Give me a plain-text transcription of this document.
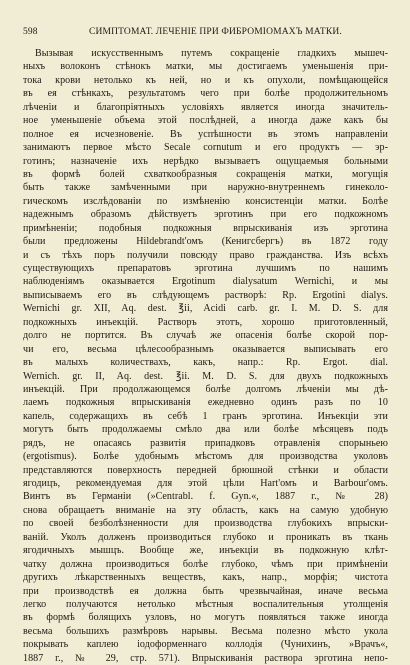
598	СИМПТОМАТ. ЛЕЧЕНІЕ ПРИ ФИБРОМІОМАХЪ МАТКИ.
Вызывая искусственнымъ путемъ сокращеніе гладкихъ мышеч-
ныхъ волоконъ стѣнокъ матки, мы достигаемъ уменьшенія при-
тока крови нетолько къ ней, но и къ опухоли, помѣщающейся
въ ея стѣнкахъ, результатомъ чего при болѣе продолжительномъ
лѣченіи и благопріятныхъ условіяхъ является иногда значитель-
ное уменьшеніе объема этой послѣдней, а иногда даже какъ бы
полное ея исчезновеніе. Въ успѣшности въ этомъ направленіи
занимаютъ первое мѣсто Secale cornutum и его продуктъ — эр-
готинъ; назначеніе ихъ нерѣдко вызываетъ ощущаемыя больными
въ формѣ болей схваткообразныя сокращенія матки, могущія
быть также замѣченными при наружно-внутреннемъ гинеколо-
гическомъ изслѣдованіи по измѣненію консистенціи матки. Болѣе
надежнымъ образомъ дѣйствуетъ эрготинъ при его подкожномъ
примѣненіи; подобныя подкожныя впрыскиванія изъ эрготина
были предложены Hildebrandt'омъ (Кенигсбергъ) въ 1872 году
и съ тѣхъ поръ получили повсюду право гражданства. Изъ всѣхъ
существующихъ препаратовъ эрготина лучшимъ по нашимъ
наблюденіямъ оказывается Ergotinum dialysatum Wernichi, и мы
выписываемъ его въ слѣдующемъ растворѣ: Rp. Ergotini dialys.
Wernichi gr. XII, Aq. dest. ℥ii, Acidi carb. gr. I. M. D. S. для
подкожныхъ инъекцій. Растворъ этотъ, хорошо приготовленный,
долго не портится. Въ случаѣ же опасенія болѣе скорой пор-
чи его, весьма цѣлесообразнымъ оказывается выписывать его
въ малыхъ количествахъ, какъ, напр.: Rp. Ergot. dial.
Wernich. gr. II, Aq. dest. ℥ii. M. D. S. для двухъ подкожныхъ
инъекцій. При продолжающемся болѣе долгомъ лѣченіи мы дѣ-
лаемъ подкожныя впрыскиванія ежедневно одинъ разъ по 10
капель, содержащихъ въ себѣ 1 гранъ эрготина. Инъекціи эти
могутъ быть продолжаемы смѣло два или болѣе мѣсяцевъ подъ
рядъ, не опасаясь развитія припадковъ отравленія спорыньею
(ergotismus). Болѣе удобнымъ мѣстомъ для производства уколовъ
представляются поверхность передней брюшной стѣнки и области
ягодицъ, рекомендуемая для этой цѣли Hart'омъ и Barbour'омъ.
Винтъ въ Германіи (»Centrabl. f. Gyn.«, 1887 г., № 28)
снова обращаетъ вниманіе на эту область, какъ на самую удобную
по своей безболѣзненности для производства глубокихъ впрыски-
ваній. Уколъ долженъ производиться глубоко и проникать въ ткань
ягодичныхъ мышцъ. Вообще же, инъекціи въ подкожную клѣт-
чатку должна производиться болѣе глубоко, чѣмъ при примѣненіи
другихъ лѣкарственныхъ веществъ, какъ, напр., морфія; чистота
при производствѣ ея должна быть чрезвычайная, иначе весьма
легко получаются нетолько мѣстныя воспалительныя утолщенія
въ формѣ болящихъ узловъ, но могутъ появляться также иногда
весьма большихъ размѣровъ нарывы. Весьма полезно мѣсто укола
покрывать каплею іодоформеннаго коллодія (Чунихинъ, »Врачъ«,
1887 г., № 29, стр. 571). Впрыскиванія раствора эрготина непо-
